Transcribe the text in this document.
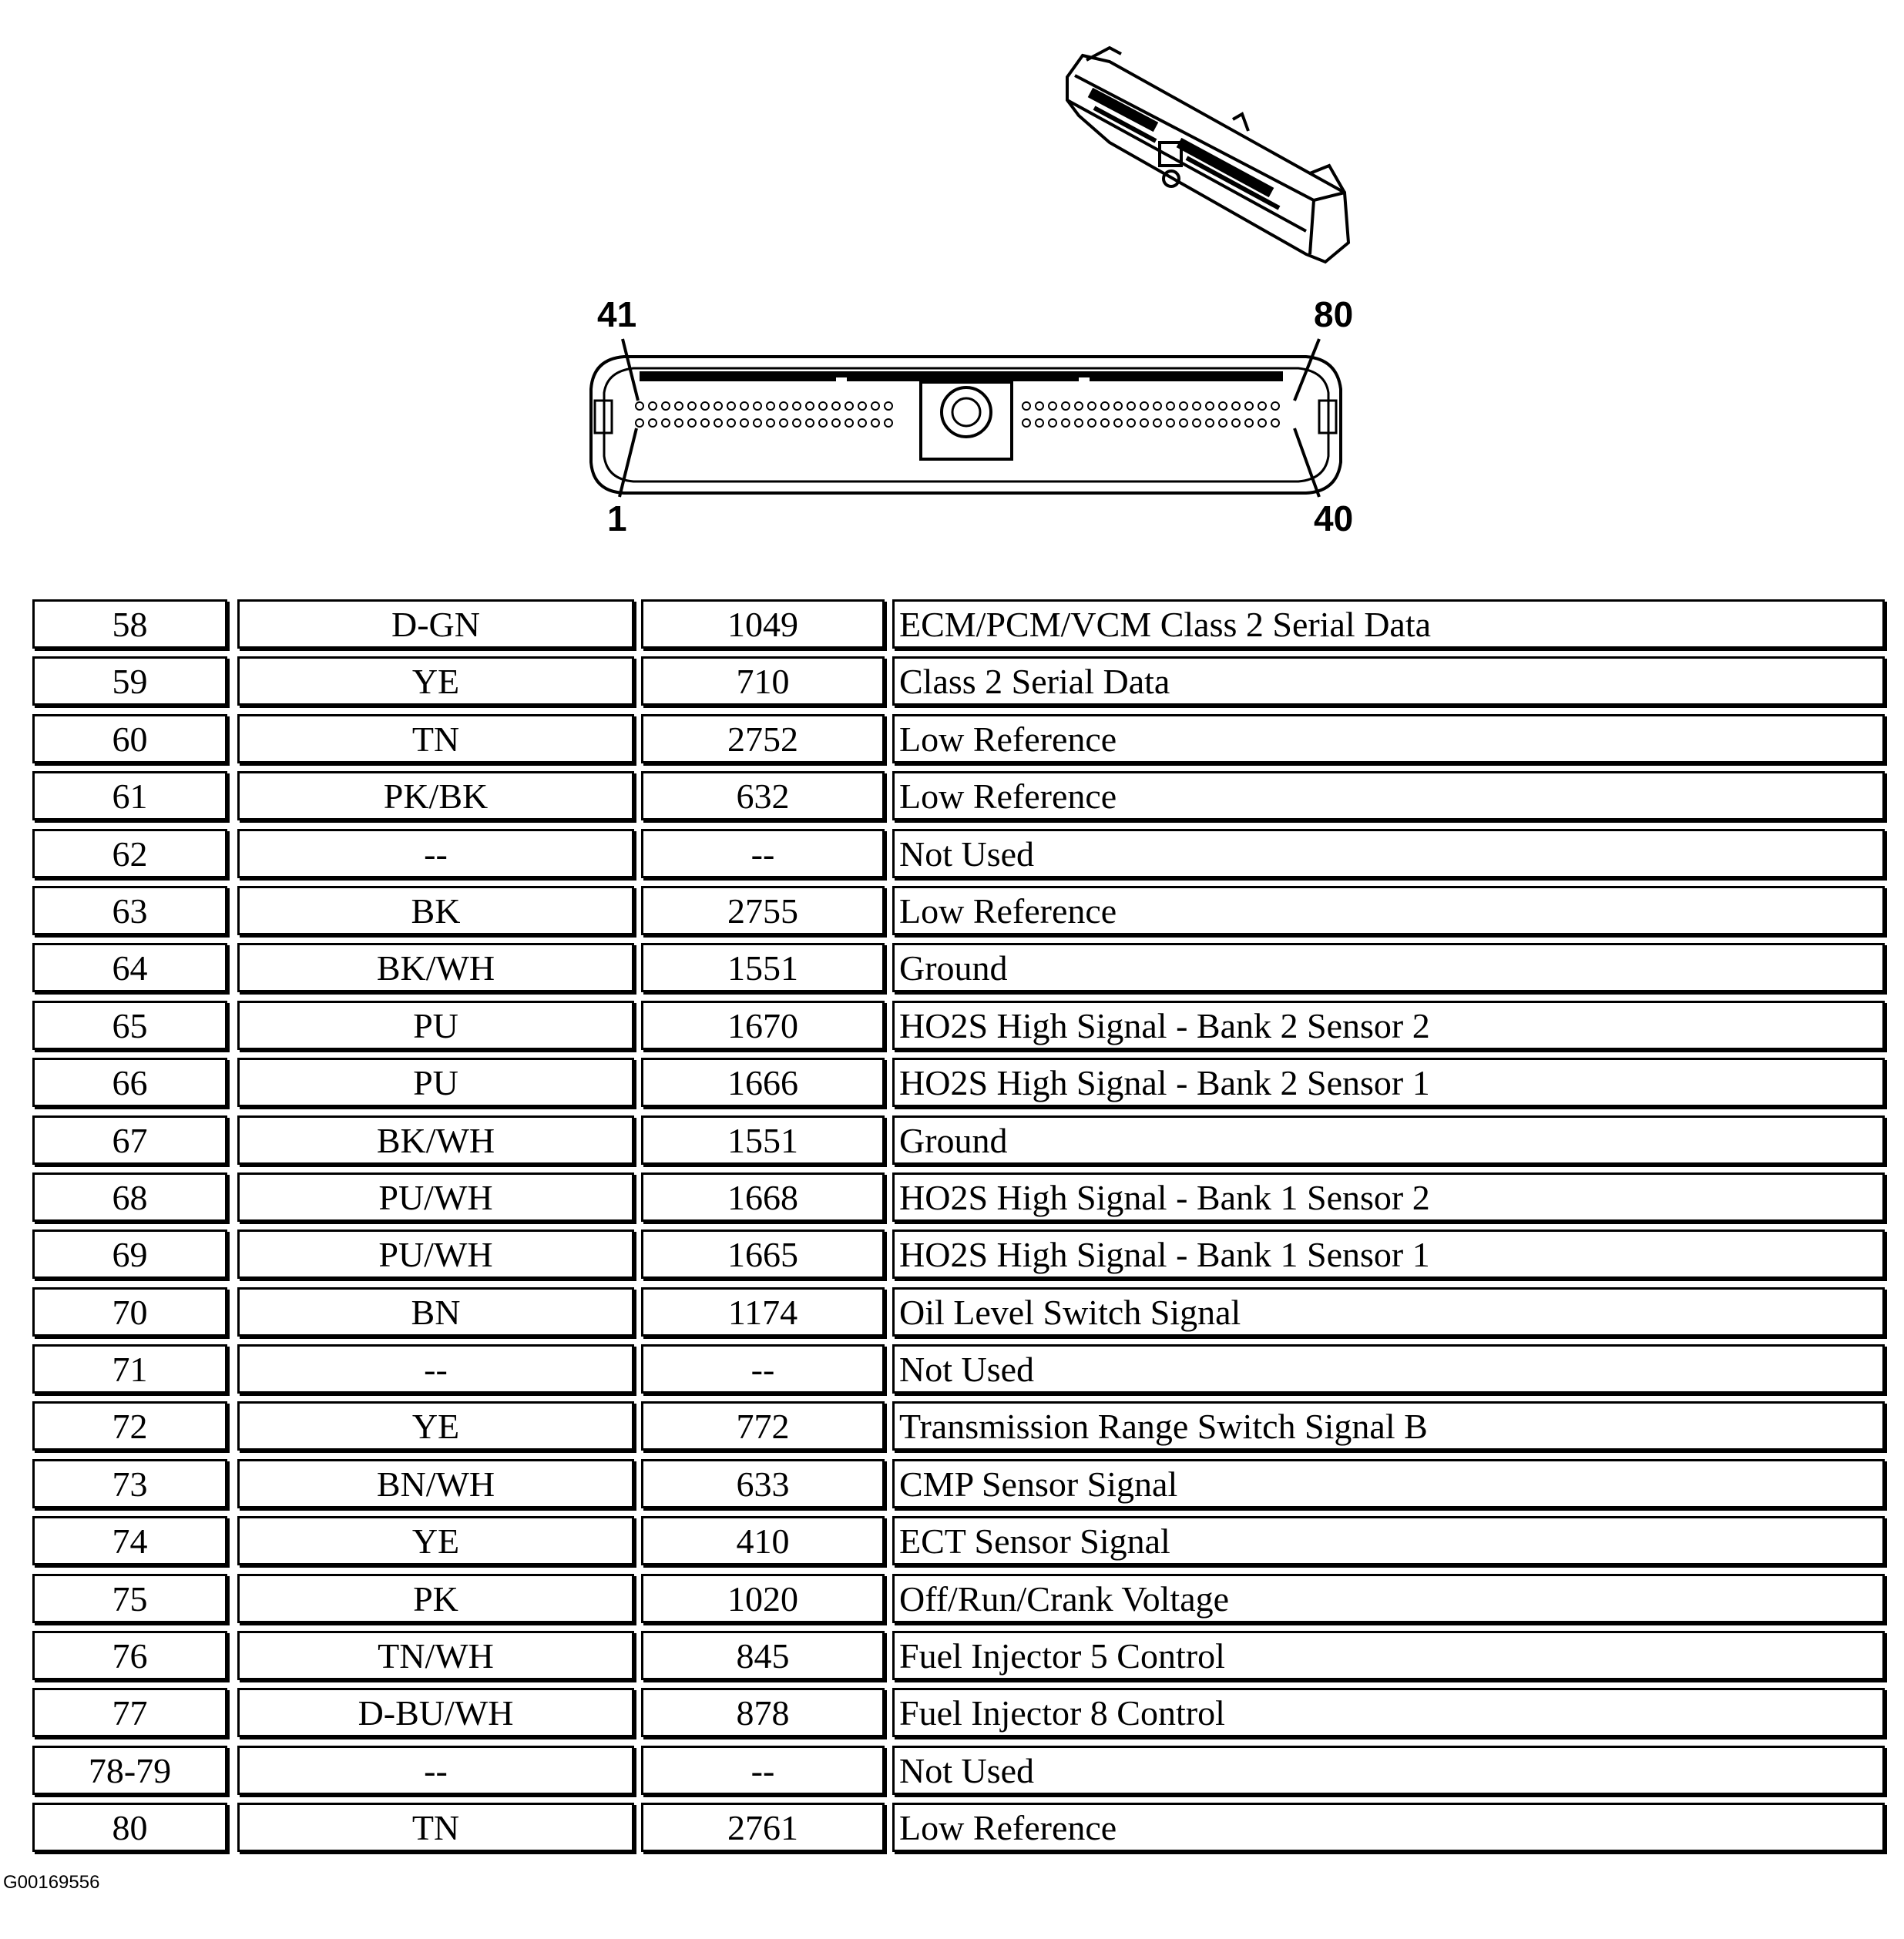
41	80
1	40
58	D-GN	1049	ECM/PCM/VCM Class 2 Serial Data
59	YE	710	Class 2 Serial Data
60	TN	2752	Low Reference
61	PK/BK	632	Low Reference
62	--	--	Not Used
63	BK	2755	Low Reference
64	BK/WH	1551	Ground
65	PU	1670	HO2S High Signal - Bank 2 Sensor 2
66	PU	1666	HO2S High Signal - Bank 2 Sensor 1
67	BK/WH	1551	Ground
68	PU/WH	1668	HO2S High Signal - Bank 1 Sensor 2
69	PU/WH	1665	HO2S High Signal - Bank 1 Sensor 1
70	BN	1174	Oil Level Switch Signal
71	--	--	Not Used
72	YE	772	Transmission Range Switch Signal B
73	BN/WH	633	CMP Sensor Signal
74	YE	410	ECT Sensor Signal
75	PK	1020	Off/Run/Crank Voltage
76	TN/WH	845	Fuel Injector 5 Control
77	D-BU/WH	878	Fuel Injector 8 Control
78-79	--	--	Not Used
80	TN	2761	Low Reference
G00169556
